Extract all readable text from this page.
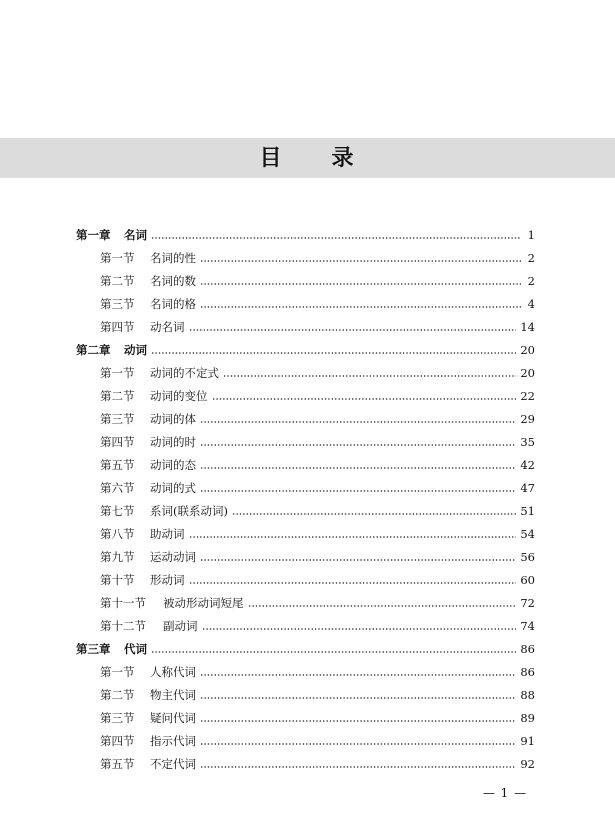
目 录
第一章	名词	1
第一节	名词的性	2
第二节	名词的数	2
第三节	名词的格	4
第四节	动名词	14
第二章	动词	20
第一节	动词的不定式	20
第二节	动词的变位	22
第三节	动词的体	29
第四节	动词的时	35
第五节	动词的态	42
第六节	动词的式	47
第七节	系词(联系动词)	51
第八节	助动词	54
第九节	运动动词	56
第十节	形动词	60
第十一节	被动形动词短尾	72
第十二节	副动词	74
第三章	代词	86
第一节	人称代词	86
第二节	物主代词	88
第三节	疑问代词	89
第四节	指示代词	91
第五节	不定代词	92
— 1 —
